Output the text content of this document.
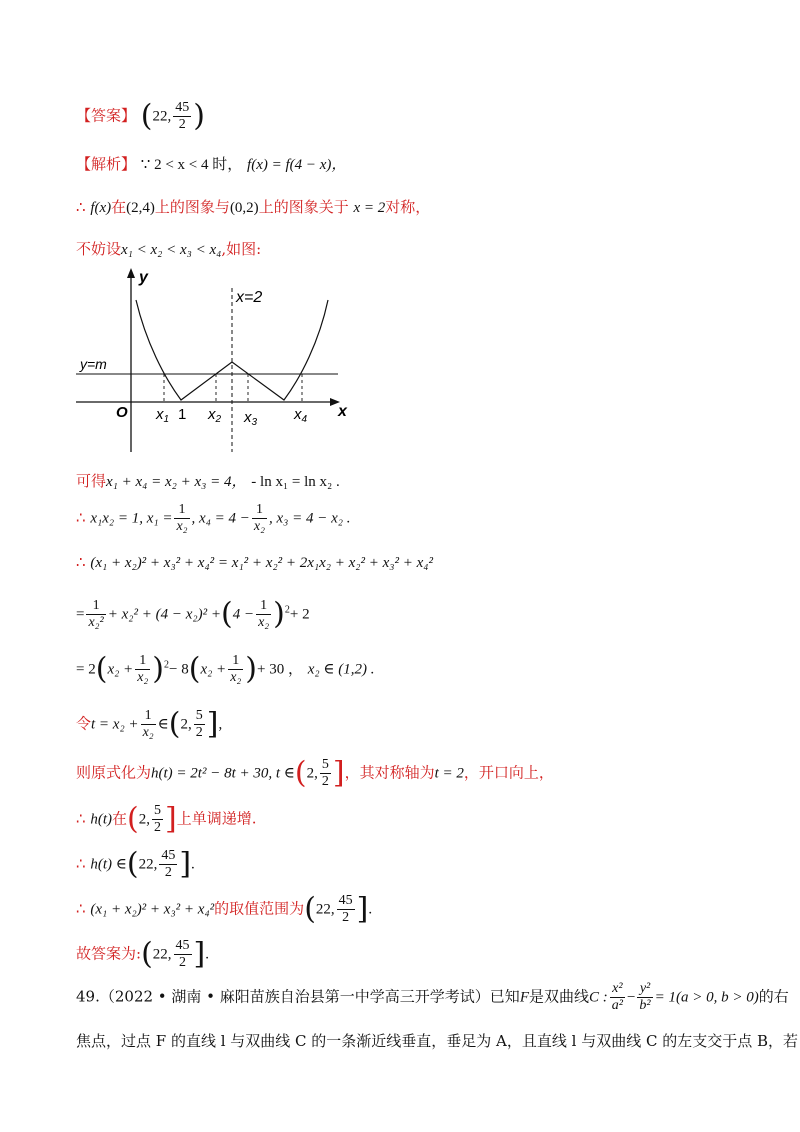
【答案】 (22, $\frac{45}{2}$ )
【解析】 ∵ 2 < x < 4 时， f(x) = f(4 − x)，
∴ f(x)在(2,4)上的图象与(0,2)上的图象关于 x = 2对称，
不妨设x₁ < x₂ < x₃ < x₄,如图:
y
x
O
y=m
x=2
$x_1$ 1 $x_2$ $x_3$ $x_4$
可得x₁ + x₄ = x₂ + x₃ = 4， - ln x₁ = ln x₂ .
∴ x₁x₂ = 1, $x_1 = \frac{1}{\text{x₂}}$ , $x_4 = 4 - \frac{1}{\text{x₂}}$ , x₃ = 4 − x₂ .
∴ (x₁ + x₂)² + x₃² + x₄² = x₁² + x₂² + 2x₁x₂ + x₂² + x₃² + x₄²
= $\frac{1}{\text{x₂²}} + x_2^2 + (4 - x_2)^2 +(4 - \frac{1}{\text{x₂}} )^2+ 2$
= $2(x_2 + \frac{1}{\text{x₂}} )^2- 8(x_2 + \frac{1}{\text{x₂}}$ )+ 30 ， x₂ ∈ (1,2) .
令$t = x_2 + \frac{1}{\text{x₂}}$ ∈(2, $\frac{5}{2}$ ],
则原式化为h(t) = 2t² − 8t + 30, t ∈(2, $\frac{5}{2}$ ]，其对称轴为t = 2，开口向上，
∴ h(t)在(2, $\frac{5}{2}$ ]上单调递增.
∴ h(t) ∈(22, $\frac{45}{2}$ ].
∴ (x₁ + x₂)² + x₃² + x₄²的取值范围为(22, $\frac{45}{2}$ ].
故答案为:(22, $\frac{45}{2}$ ].
49.（2022 • 湖南 • 麻阳苗族自治县第一中学高三开学考试）已知F是双曲线C : $\frac{\text{x²}}{\text{a²}} - \frac{\text{y²}}{\text{b²}} = 1(a > 0$, b > 0)的右
焦点，过点 F 的直线 l 与双曲线 C 的一条渐近线垂直，垂足为 A，且直线 l 与双曲线 C 的左支交于点 B，若
